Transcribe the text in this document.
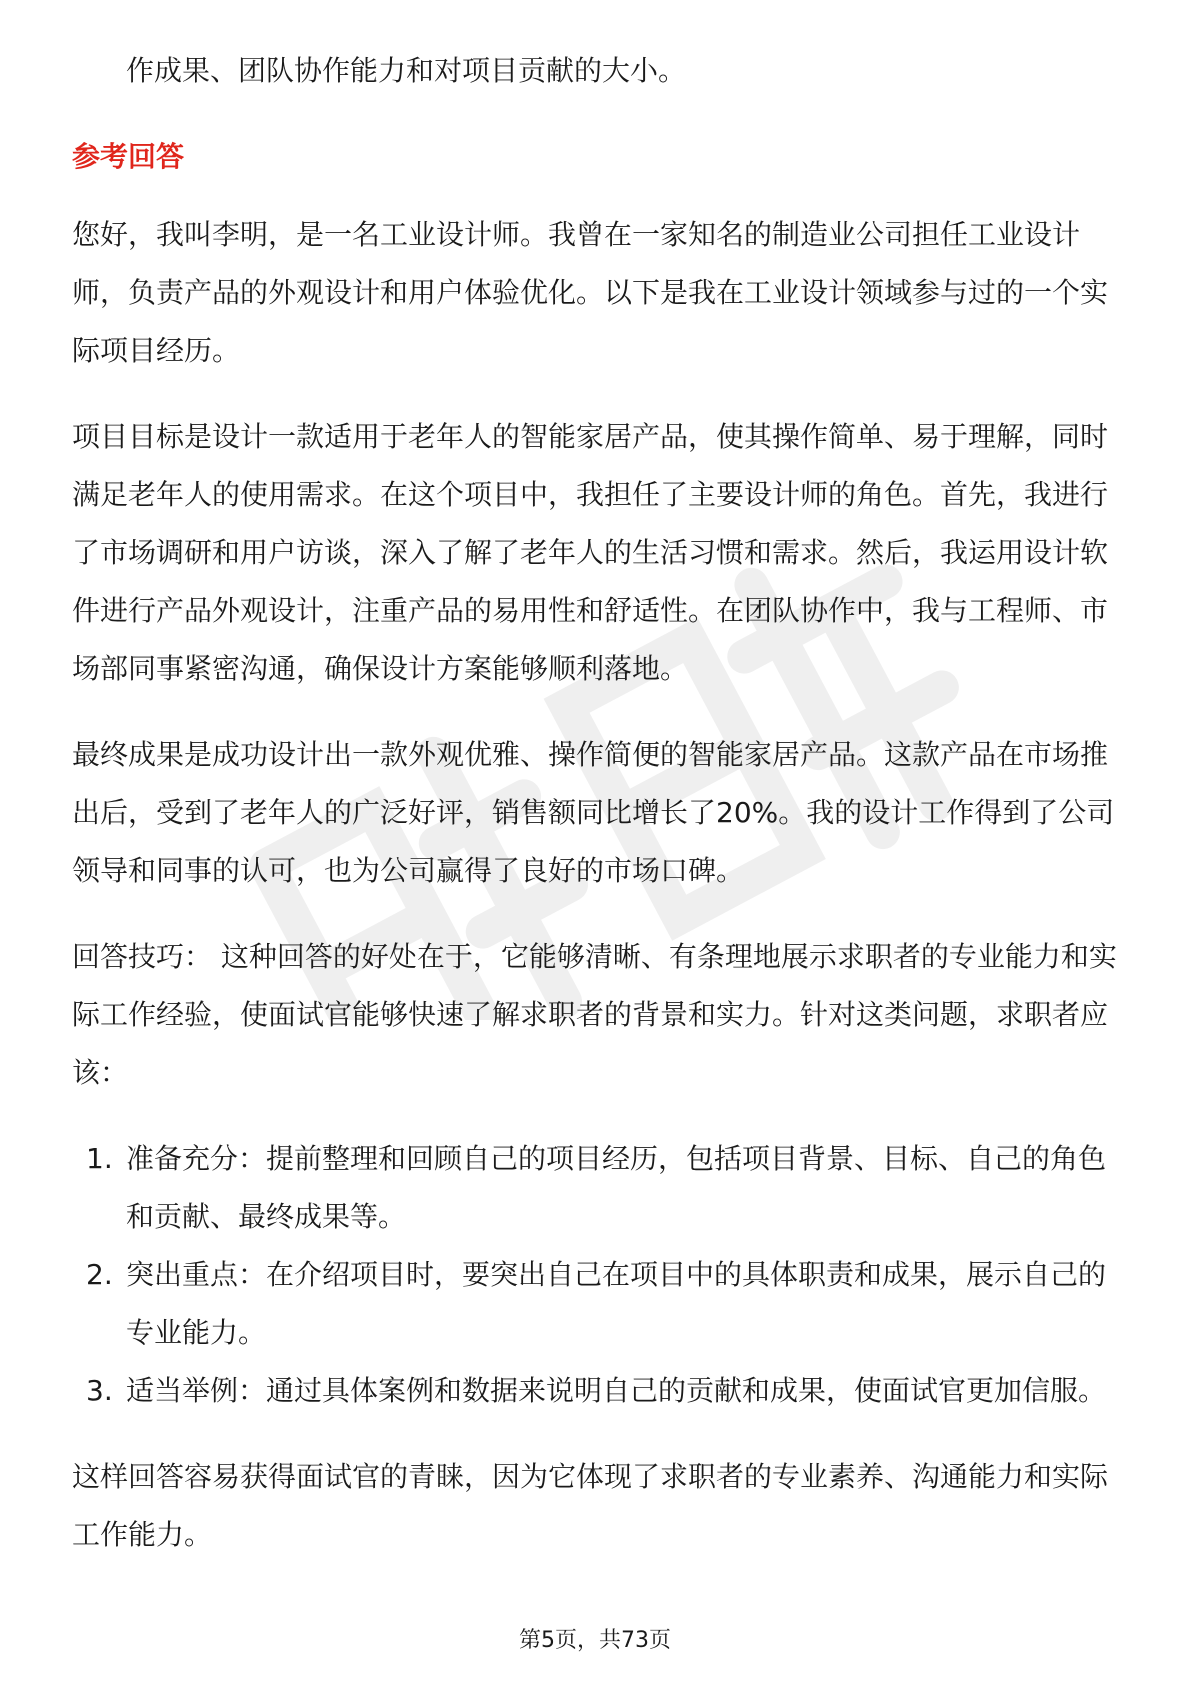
作成果、团队协作能力和对项目贡献的大小。

参考回答

您好，我叫李明，是一名工业设计师。我曾在一家知名的制造业公司担任工业设计师，负责产品的外观设计和用户体验优化。以下是我在工业设计领域参与过的一个实际项目经历。

项目目标是设计一款适用于老年人的智能家居产品，使其操作简单、易于理解，同时满足老年人的使用需求。在这个项目中，我担任了主要设计师的角色。首先，我进行了市场调研和用户访谈，深入了解了老年人的生活习惯和需求。然后，我运用设计软件进行产品外观设计，注重产品的易用性和舒适性。在团队协作中，我与工程师、市场部同事紧密沟通，确保设计方案能够顺利落地。

最终成果是成功设计出一款外观优雅、操作简便的智能家居产品。这款产品在市场推出后，受到了老年人的广泛好评，销售额同比增长了20%。我的设计工作得到了公司领导和同事的认可，也为公司赢得了良好的市场口碑。

回答技巧： 这种回答的好处在于，它能够清晰、有条理地展示求职者的专业能力和实际工作经验，使面试官能够快速了解求职者的背景和实力。针对这类问题，求职者应该：

1. 准备充分：提前整理和回顾自己的项目经历，包括项目背景、目标、自己的角色和贡献、最终成果等。
2. 突出重点：在介绍项目时，要突出自己在项目中的具体职责和成果，展示自己的专业能力。
3. 适当举例：通过具体案例和数据来说明自己的贡献和成果，使面试官更加信服。

这样回答容易获得面试官的青睐，因为它体现了求职者的专业素养、沟通能力和实际工作能力。

第5页，共73页
